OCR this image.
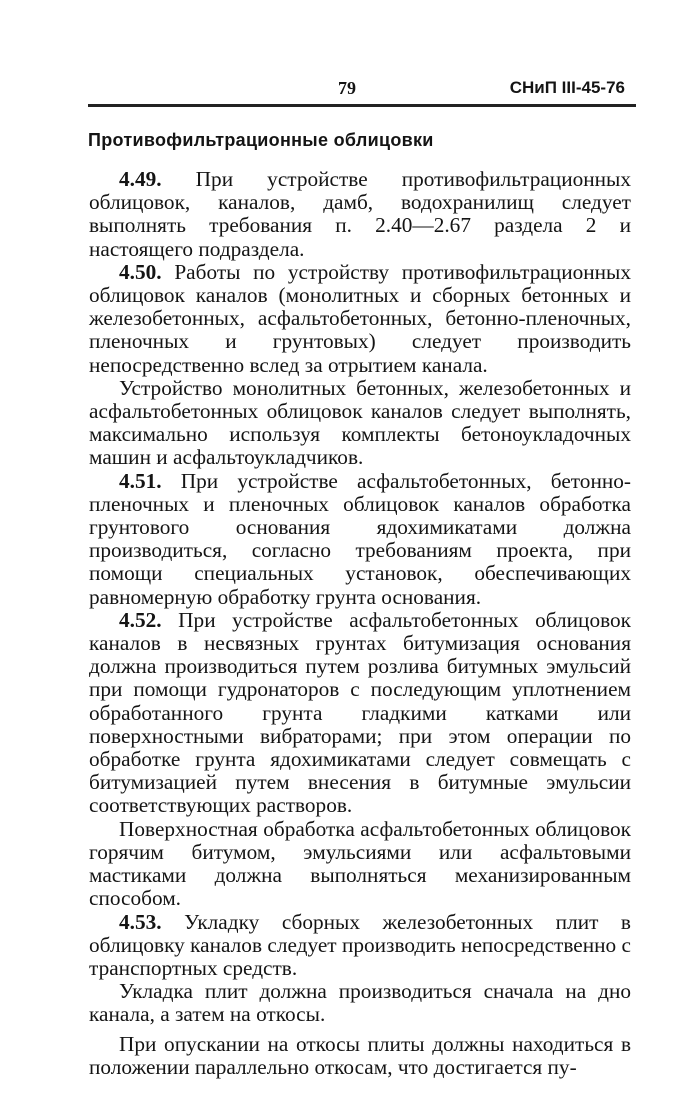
79	СНиП III-45-76
Противофильтрационные облицовки

4.49. При устройстве противофильтрационных облицовок, каналов, дамб, водохранилищ следует выполнять требования п. 2.40—2.67 раздела 2 и настоящего подраздела.

4.50. Работы по устройству противофильтрационных облицовок каналов (монолитных и сборных бетонных и железобетонных, асфальтобетонных, бетонно-пленочных, пленочных и грунтовых) следует производить непосредственно вслед за отрытием канала.

Устройство монолитных бетонных, железобетонных и асфальтобетонных облицовок каналов следует выполнять, максимально используя комплекты бетоноукладочных машин и асфальтоукладчиков.

4.51. При устройстве асфальтобетонных, бетонно-пленочных и пленочных облицовок каналов обработка грунтового основания ядохимикатами должна производиться, согласно требованиям проекта, при помощи специальных установок, обеспечивающих равномерную обработку грунта основания.

4.52. При устройстве асфальтобетонных облицовок каналов в несвязных грунтах битумизация основания должна производиться путем розлива битумных эмульсий при помощи гудронаторов с последующим уплотнением обработанного грунта гладкими катками или поверхностными вибраторами; при этом операции по обработке грунта ядохимикатами следует совмещать с битумизацией путем внесения в битумные эмульсии соответствующих растворов.

Поверхностная обработка асфальтобетонных облицовок горячим битумом, эмульсиями или асфальтовыми мастиками должна выполняться механизированным способом.

4.53. Укладку сборных железобетонных плит в облицовку каналов следует производить непосредственно с транспортных средств.

Укладка плит должна производиться сначала на дно канала, а затем на откосы.

При опускании на откосы плиты должны находиться в положении параллельно откосам, что достигается пу-
